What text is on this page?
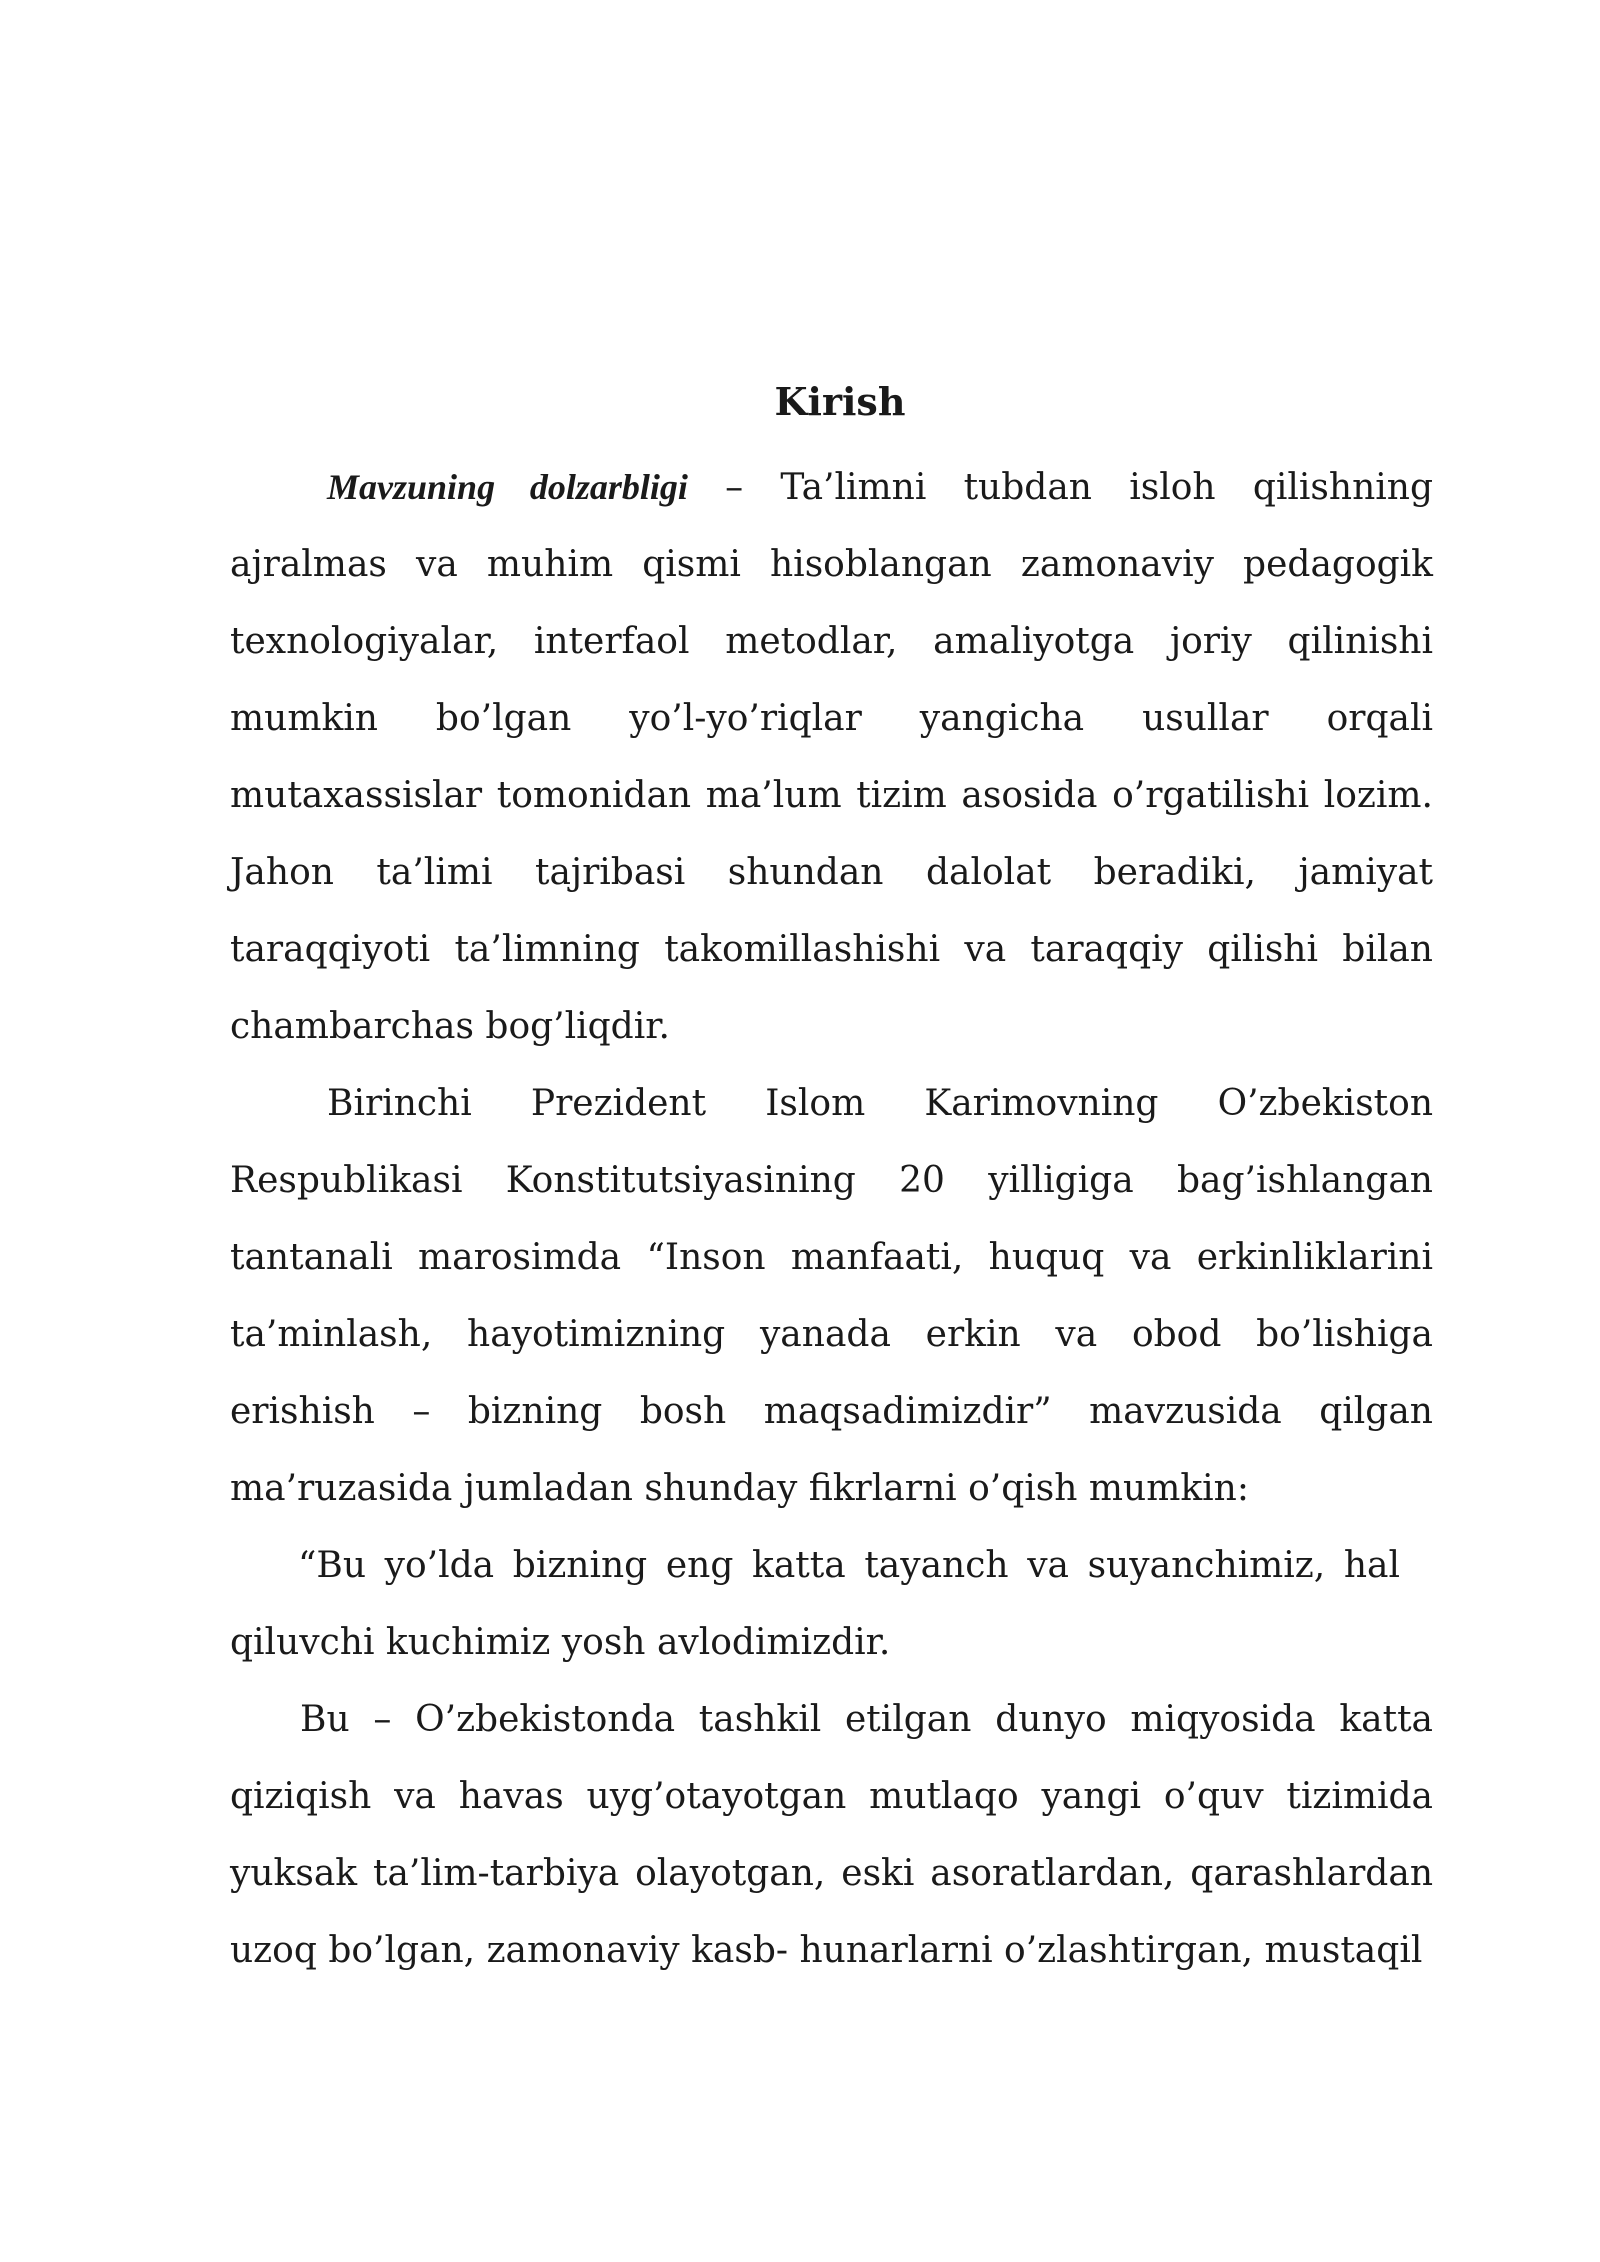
Kirish

Mavzuning dolzarbligi – Ta’limni tubdan isloh qilishning ajralmas va muhim qismi hisoblangan zamonaviy pedagogik texnologiyalar, interfaol metodlar, amaliyotga joriy qilinishi mumkin bo’lgan yo’l-yo’riqlar yangicha usullar orqali mutaxassislar tomonidan ma’lum tizim asosida o’rgatilishi lozim. Jahon ta’limi tajribasi shundan dalolat beradiki, jamiyat taraqqiyoti ta’limning takomillashishi va taraqqiy qilishi bilan chambarchas bog’liqdir.

Birinchi Prezident Islom Karimovning O’zbekiston Respublikasi Konstitutsiyasining 20 yilligiga bag’ishlangan tantanali marosimda “Inson manfaati, huquq va erkinliklarini ta’minlash, hayotimizning yanada erkin va obod bo’lishiga erishish – bizning bosh maqsadimizdir” mavzusida qilgan ma’ruzasida jumladan shunday fikrlarni o’qish mumkin:

“Bu yo’lda bizning eng katta tayanch va suyanchimiz, hal qiluvchi kuchimiz yosh avlodimizdir.

Bu – O’zbekistonda tashkil etilgan dunyo miqyosida katta qiziqish va havas uyg’otayotgan mutlaqo yangi o’quv tizimida yuksak ta’lim-tarbiya olayotgan, eski asoratlardan, qarashlardan uzoq bo’lgan, zamonaviy kasb- hunarlarni o’zlashtirgan, mustaqil
